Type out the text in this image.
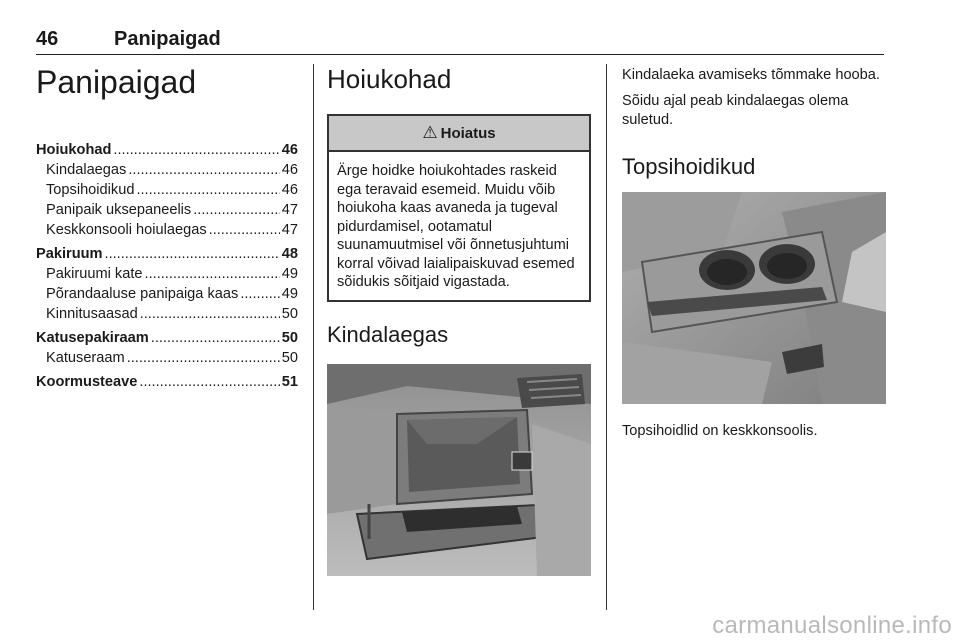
46	Panipaigad
Panipaigad
Hoiukohad .....	46
Kindalaegas .....	46
Topsihoidikud .....	46
Panipaik uksepaneelis .....	47
Keskkonsooli hoiulaegas .....	47
Pakiruum .....	48
Pakiruumi kate .....	49
Põrandaaluse panipaiga kaas .....	49
Kinnitusaasad .....	50
Katusepakiraam .....	50
Katuseraam .....	50
Koormusteave .....	51
Hoiukohad
⚠ Hoiatus
Ärge hoidke hoiukohtades raskeid ega teravaid esemeid. Muidu võib hoiukoha kaas avaneda ja tugeval pidurdamisel, ootamatul suunamuutmisel või õnnetusjuhtumi korral võivad laialipaiskuvad esemed sõidukis sõitjaid vigastada.
Kindalaegas

Kindalaeka avamiseks tõmmake hooba.

Sõidu ajal peab kindalaegas olema suletud.

Topsihoidikud

Topsihoidlid on keskkonsoolis.

carmanualsonline.info
